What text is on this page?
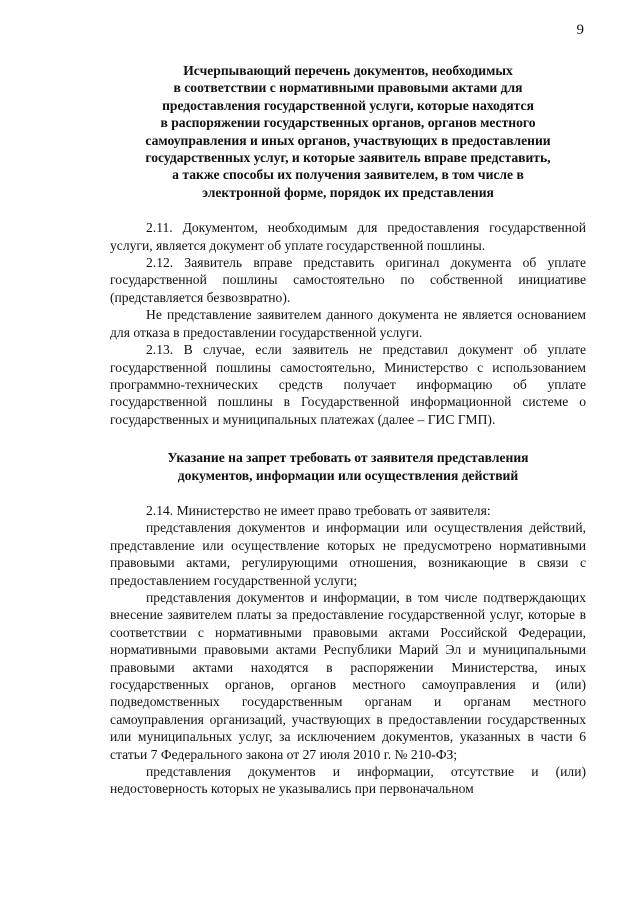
9
Исчерпывающий перечень документов, необходимых
в соответствии с нормативными правовыми актами для
предоставления государственной услуги, которые находятся
в распоряжении государственных органов, органов местного
самоуправления и иных органов, участвующих в предоставлении
государственных услуг, и которые заявитель вправе представить,
а также способы их получения заявителем, в том числе в
электронной форме, порядок их представления

2.11. Документом, необходимым для предоставления государственной услуги, является документ об уплате государственной пошлины.

2.12. Заявитель вправе представить оригинал документа об уплате государственной пошлины самостоятельно по собственной инициативе (представляется безвозвратно).

Не представление заявителем данного документа не является основанием для отказа в предоставлении государственной услуги.

2.13. В случае, если заявитель не представил документ об уплате государственной пошлины самостоятельно, Министерство с использованием программно-технических средств получает информацию об уплате государственной пошлины в Государственной информационной системе о государственных и муниципальных платежах (далее – ГИС ГМП).

Указание на запрет требовать от заявителя представления
документов, информации или осуществления действий

2.14. Министерство не имеет право требовать от заявителя:

представления документов и информации или осуществления действий, представление или осуществление которых не предусмотрено нормативными правовыми актами, регулирующими отношения, возникающие в связи с предоставлением государственной услуги;

представления документов и информации, в том числе подтверждающих внесение заявителем платы за предоставление государственной услуг, которые в соответствии с нормативными правовыми актами Российской Федерации, нормативными правовыми актами Республики Марий Эл и муниципальными правовыми актами находятся в распоряжении Министерства, иных государственных органов, органов местного самоуправления и (или) подведомственных государственным органам и органам местного самоуправления организаций, участвующих в предоставлении государственных или муниципальных услуг, за исключением документов, указанных в части 6 статьи 7 Федерального закона от 27 июля 2010 г. № 210-ФЗ;

представления документов и информации, отсутствие и (или) недостоверность которых не указывались при первоначальном
